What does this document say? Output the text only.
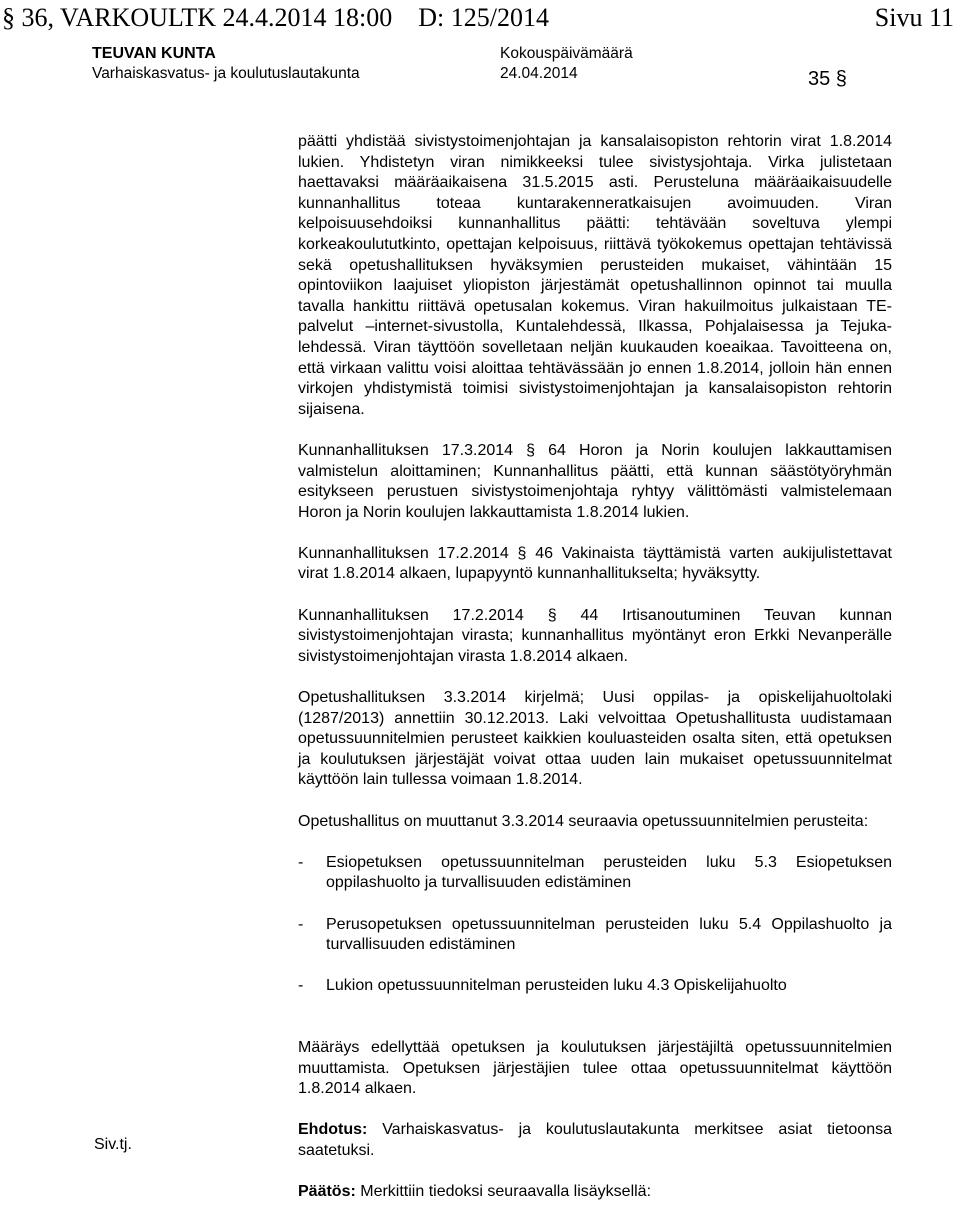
§ 36, VARKOULTK 24.4.2014 18:00    D: 125/2014	Sivu 11
TEUVAN KUNTA
Varhaiskasvatus- ja koulutuslautakunta
Kokouspäivämäärä
24.04.2014	35 §

päätti yhdistää sivistystoimenjohtajan ja kansalaisopiston rehtorin virat 1.8.2014 lukien. Yhdistetyn viran nimikkeeksi tulee sivistysjohtaja. Virka julistetaan haettavaksi määräaikaisena 31.5.2015 asti. Perusteluna määräaikaisuudelle kunnanhallitus toteaa kuntarakenneratkaisujen avoimuuden. Viran kelpoisuusehdoiksi kunnanhallitus päätti: tehtävään soveltuva ylempi korkeakoulututkinto, opettajan kelpoisuus, riittävä työkokemus opettajan tehtävissä sekä opetushallituksen hyväksymien perusteiden mukaiset, vähintään 15 opintoviikon laajuiset yliopiston järjestämät opetushallinnon opinnot tai muulla tavalla hankittu riittävä opetusalan kokemus. Viran hakuilmoitus julkaistaan TE-palvelut –internet-sivustolla, Kuntalehdessä, Ilkassa, Pohjalaisessa ja Tejuka-lehdessä. Viran täyttöön sovelletaan neljän kuukauden koeaikaa. Tavoitteena on, että virkaan valittu voisi aloittaa tehtävässään jo ennen 1.8.2014, jolloin hän ennen virkojen yhdistymistä toimisi sivistystoimenjohtajan ja kansalaisopiston rehtorin sijaisena.

Kunnanhallituksen 17.3.2014 § 64 Horon ja Norin koulujen lakkauttamisen valmistelun aloittaminen; Kunnanhallitus päätti, että kunnan säästötyöryhmän esitykseen perustuen sivistystoimenjohtaja ryhtyy välittömästi valmistelemaan Horon ja Norin koulujen lakkauttamista 1.8.2014 lukien.

Kunnanhallituksen 17.2.2014 § 46 Vakinaista täyttämistä varten aukijulistettavat virat 1.8.2014 alkaen, lupapyyntö kunnanhallitukselta; hyväksytty.

Kunnanhallituksen 17.2.2014 § 44 Irtisanoutuminen Teuvan kunnan sivistystoimenjohtajan virasta; kunnanhallitus myöntänyt eron Erkki Nevanperälle sivistystoimenjohtajan virasta 1.8.2014 alkaen.

Opetushallituksen 3.3.2014 kirjelmä; Uusi oppilas- ja opiskelijahuoltolaki (1287/2013) annettiin 30.12.2013. Laki velvoittaa Opetushallitusta uudistamaan opetussuunnitelmien perusteet kaikkien kouluasteiden osalta siten, että opetuksen ja koulutuksen järjestäjät voivat ottaa uuden lain mukaiset opetussuunnitelmat käyttöön lain tullessa voimaan 1.8.2014.

Opetushallitus on muuttanut 3.3.2014 seuraavia opetussuunnitelmien perusteita:

-	Esiopetuksen opetussuunnitelman perusteiden luku 5.3 Esiopetuksen oppilashuolto ja turvallisuuden edistäminen
-	Perusopetuksen opetussuunnitelman perusteiden luku 5.4 Oppilashuolto ja turvallisuuden edistäminen
-	Lukion opetussuunnitelman perusteiden luku 4.3 Opiskelijahuolto

Määräys edellyttää opetuksen ja koulutuksen järjestäjiltä opetussuunnitelmien muuttamista. Opetuksen järjestäjien tulee ottaa opetussuunnitelmat käyttöön 1.8.2014 alkaen.

Ehdotus: Varhaiskasvatus- ja koulutuslautakunta merkitsee asiat tietoonsa saatetuksi.

Päätös: Merkittiin tiedoksi seuraavalla lisäyksellä:

Siv.tj.
